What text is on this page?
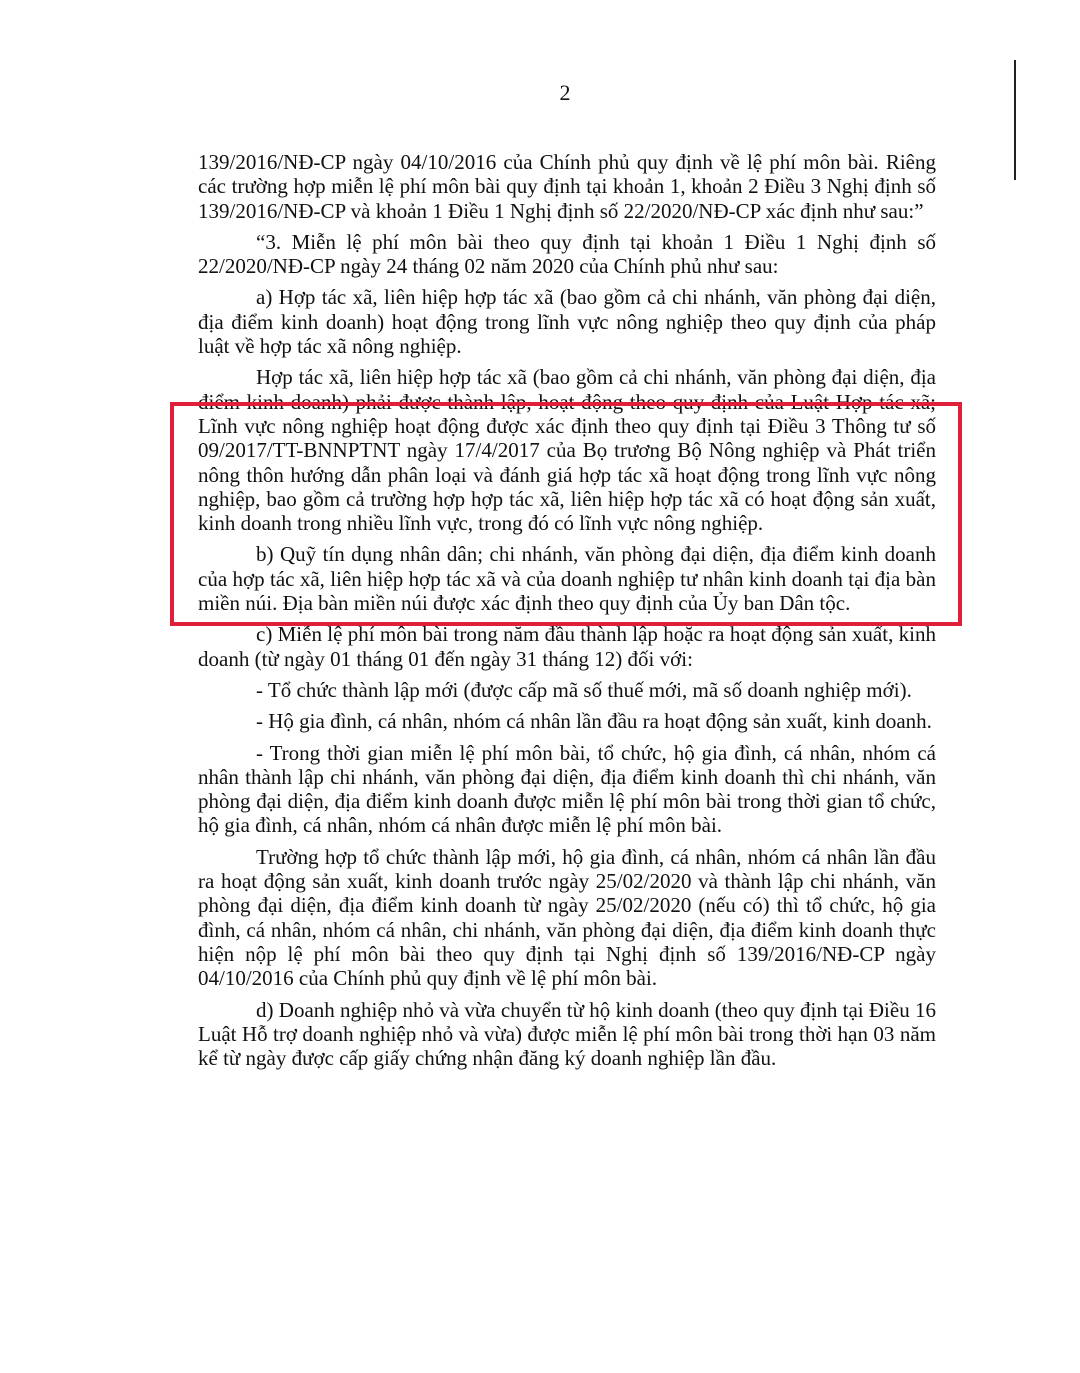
2

139/2016/NĐ-CP ngày 04/10/2016 của Chính phủ quy định về lệ phí môn bài. Riêng các trường hợp miễn lệ phí môn bài quy định tại khoản 1, khoản 2 Điều 3 Nghị định số 139/2016/NĐ-CP và khoản 1 Điều 1 Nghị định số 22/2020/NĐ-CP xác định như sau:”

“3. Miễn lệ phí môn bài theo quy định tại khoản 1 Điều 1 Nghị định số 22/2020/NĐ-CP ngày 24 tháng 02 năm 2020 của Chính phủ như sau:

a) Hợp tác xã, liên hiệp hợp tác xã (bao gồm cả chi nhánh, văn phòng đại diện, địa điểm kinh doanh) hoạt động trong lĩnh vực nông nghiệp theo quy định của pháp luật về hợp tác xã nông nghiệp.

Hợp tác xã, liên hiệp hợp tác xã (bao gồm cả chi nhánh, văn phòng đại diện, địa điểm kinh doanh) phải được thành lập, hoạt động theo quy định của Luật Hợp tác xã; Lĩnh vực nông nghiệp hoạt động được xác định theo quy định tại Điều 3 Thông tư số 09/2017/TT-BNNPTNT ngày 17/4/2017 của Bọ trương Bộ Nông nghiệp và Phát triển nông thôn hướng dẫn phân loại và đánh giá hợp tác xã hoạt động trong lĩnh vực nông nghiệp, bao gồm cả trường hợp hợp tác xã, liên hiệp hợp tác xã có hoạt động sản xuất, kinh doanh trong nhiều lĩnh vực, trong đó có lĩnh vực nông nghiệp.

b) Quỹ tín dụng nhân dân; chi nhánh, văn phòng đại diện, địa điểm kinh doanh của hợp tác xã, liên hiệp hợp tác xã và của doanh nghiệp tư nhân kinh doanh tại địa bàn miền núi. Địa bàn miền núi được xác định theo quy định của Ủy ban Dân tộc.

c) Miễn lệ phí môn bài trong năm đầu thành lập hoặc ra hoạt động sản xuất, kinh doanh (từ ngày 01 tháng 01 đến ngày 31 tháng 12) đối với:

- Tổ chức thành lập mới (được cấp mã số thuế mới, mã số doanh nghiệp mới).

- Hộ gia đình, cá nhân, nhóm cá nhân lần đầu ra hoạt động sản xuất, kinh doanh.

- Trong thời gian miễn lệ phí môn bài, tổ chức, hộ gia đình, cá nhân, nhóm cá nhân thành lập chi nhánh, văn phòng đại diện, địa điểm kinh doanh thì chi nhánh, văn phòng đại diện, địa điểm kinh doanh được miễn lệ phí môn bài trong thời gian tổ chức, hộ gia đình, cá nhân, nhóm cá nhân được miễn lệ phí môn bài.

Trường hợp tổ chức thành lập mới, hộ gia đình, cá nhân, nhóm cá nhân lần đầu ra hoạt động sản xuất, kinh doanh trước ngày 25/02/2020 và thành lập chi nhánh, văn phòng đại diện, địa điểm kinh doanh từ ngày 25/02/2020 (nếu có) thì tổ chức, hộ gia đình, cá nhân, nhóm cá nhân, chi nhánh, văn phòng đại diện, địa điểm kinh doanh thực hiện nộp lệ phí môn bài theo quy định tại Nghị định số 139/2016/NĐ-CP ngày 04/10/2016 của Chính phủ quy định về lệ phí môn bài.

d) Doanh nghiệp nhỏ và vừa chuyển từ hộ kinh doanh (theo quy định tại Điều 16 Luật Hỗ trợ doanh nghiệp nhỏ và vừa) được miễn lệ phí môn bài trong thời hạn 03 năm kể từ ngày được cấp giấy chứng nhận đăng ký doanh nghiệp lần đầu.
